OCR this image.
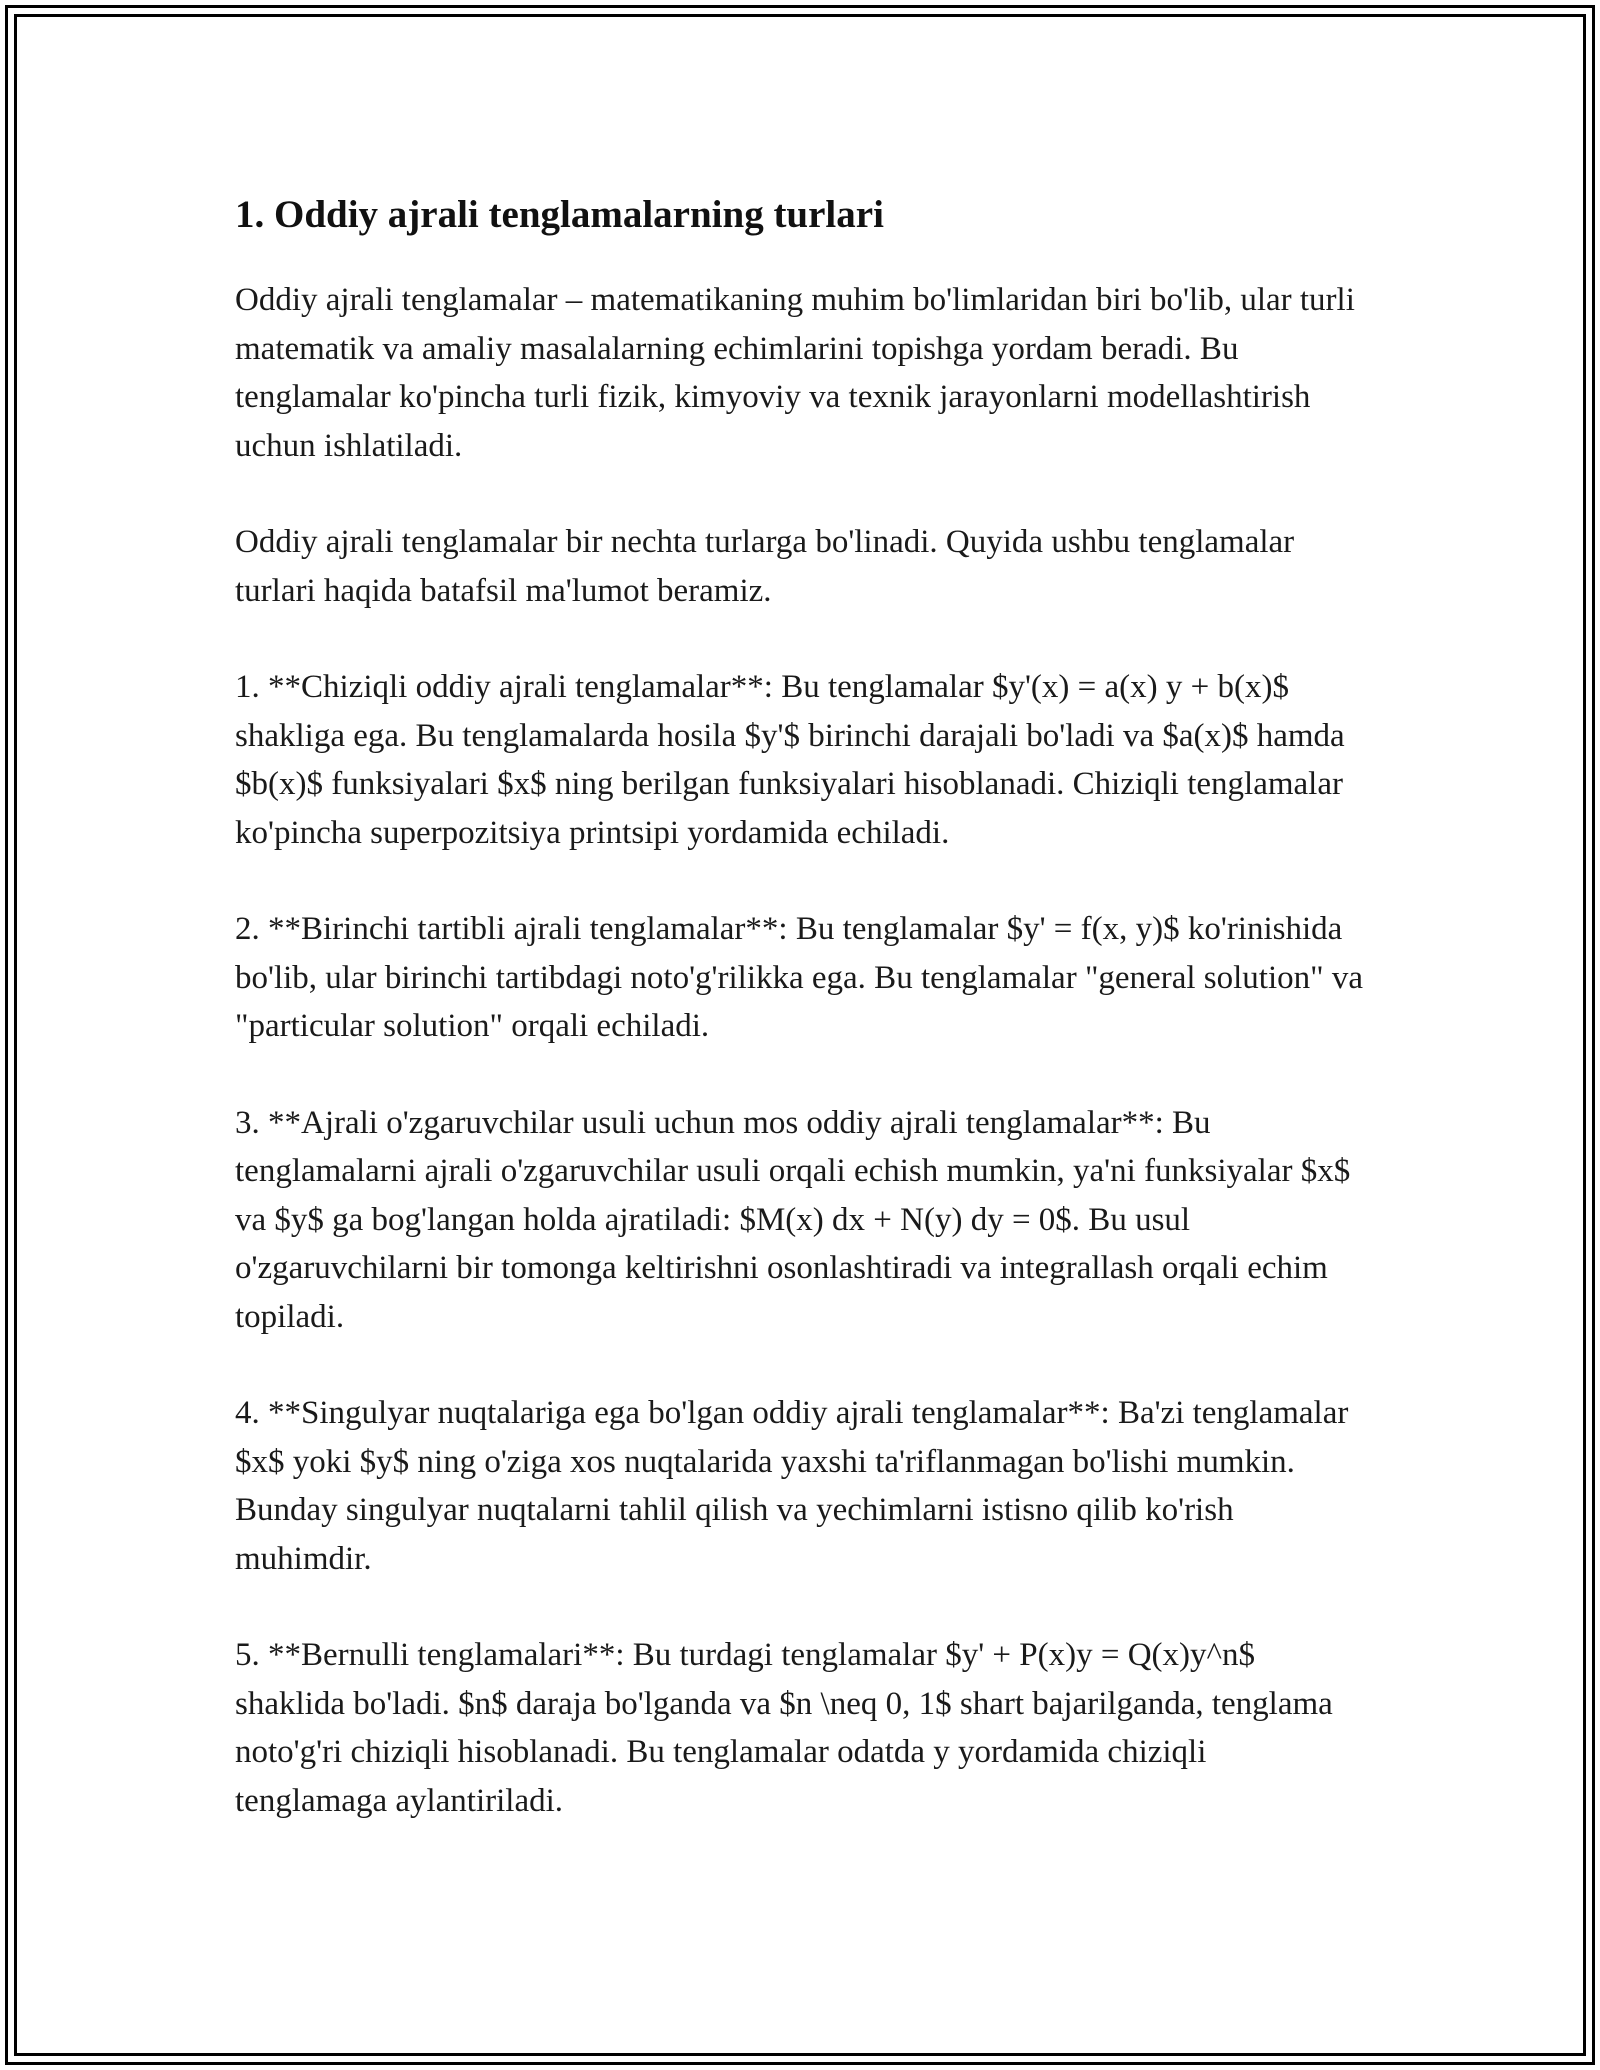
1. Oddiy ajrali tenglamalarning turlari

Oddiy ajrali tenglamalar – matematikaning muhim bo'limlaridan biri bo'lib, ular turli matematik va amaliy masalalarning echimlarini topishga yordam beradi. Bu tenglamalar ko'pincha turli fizik, kimyoviy va texnik jarayonlarni modellashtirish uchun ishlatiladi.

Oddiy ajrali tenglamalar bir nechta turlarga bo'linadi. Quyida ushbu tenglamalar turlari haqida batafsil ma'lumot beramiz.

1. **Chiziqli oddiy ajrali tenglamalar**: Bu tenglamalar $y'(x) = a(x) y + b(x)$ shakliga ega. Bu tenglamalarda hosila $y'$ birinchi darajali bo'ladi va $a(x)$ hamda $b(x)$ funksiyalari $x$ ning berilgan funksiyalari hisoblanadi. Chiziqli tenglamalar ko'pincha superpozitsiya printsipi yordamida echiladi.

2. **Birinchi tartibli ajrali tenglamalar**: Bu tenglamalar $y' = f(x, y)$ ko'rinishida bo'lib, ular birinchi tartibdagi noto'g'rilikka ega. Bu tenglamalar "general solution" va "particular solution" orqali echiladi.

3. **Ajrali o'zgaruvchilar usuli uchun mos oddiy ajrali tenglamalar**: Bu tenglamalarni ajrali o'zgaruvchilar usuli orqali echish mumkin, ya'ni funksiyalar $x$ va $y$ ga bog'langan holda ajratiladi: $M(x) dx + N(y) dy = 0$. Bu usul o'zgaruvchilarni bir tomonga keltirishni osonlashtiradi va integrallash orqali echim topiladi.

4. **Singulyar nuqtalariga ega bo'lgan oddiy ajrali tenglamalar**: Ba'zi tenglamalar $x$ yoki $y$ ning o'ziga xos nuqtalarida yaxshi ta'riflanmagan bo'lishi mumkin. Bunday singulyar nuqtalarni tahlil qilish va yechimlarni istisno qilib ko'rish muhimdir.

5. **Bernulli tenglamalari**: Bu turdagi tenglamalar $y' + P(x)y = Q(x)y^n$ shaklida bo'ladi. $n$ daraja bo'lganda va $n \neq 0, 1$ shart bajarilganda, tenglama noto'g'ri chiziqli hisoblanadi. Bu tenglamalar odatda y yordamida chiziqli tenglamaga aylantiriladi.
